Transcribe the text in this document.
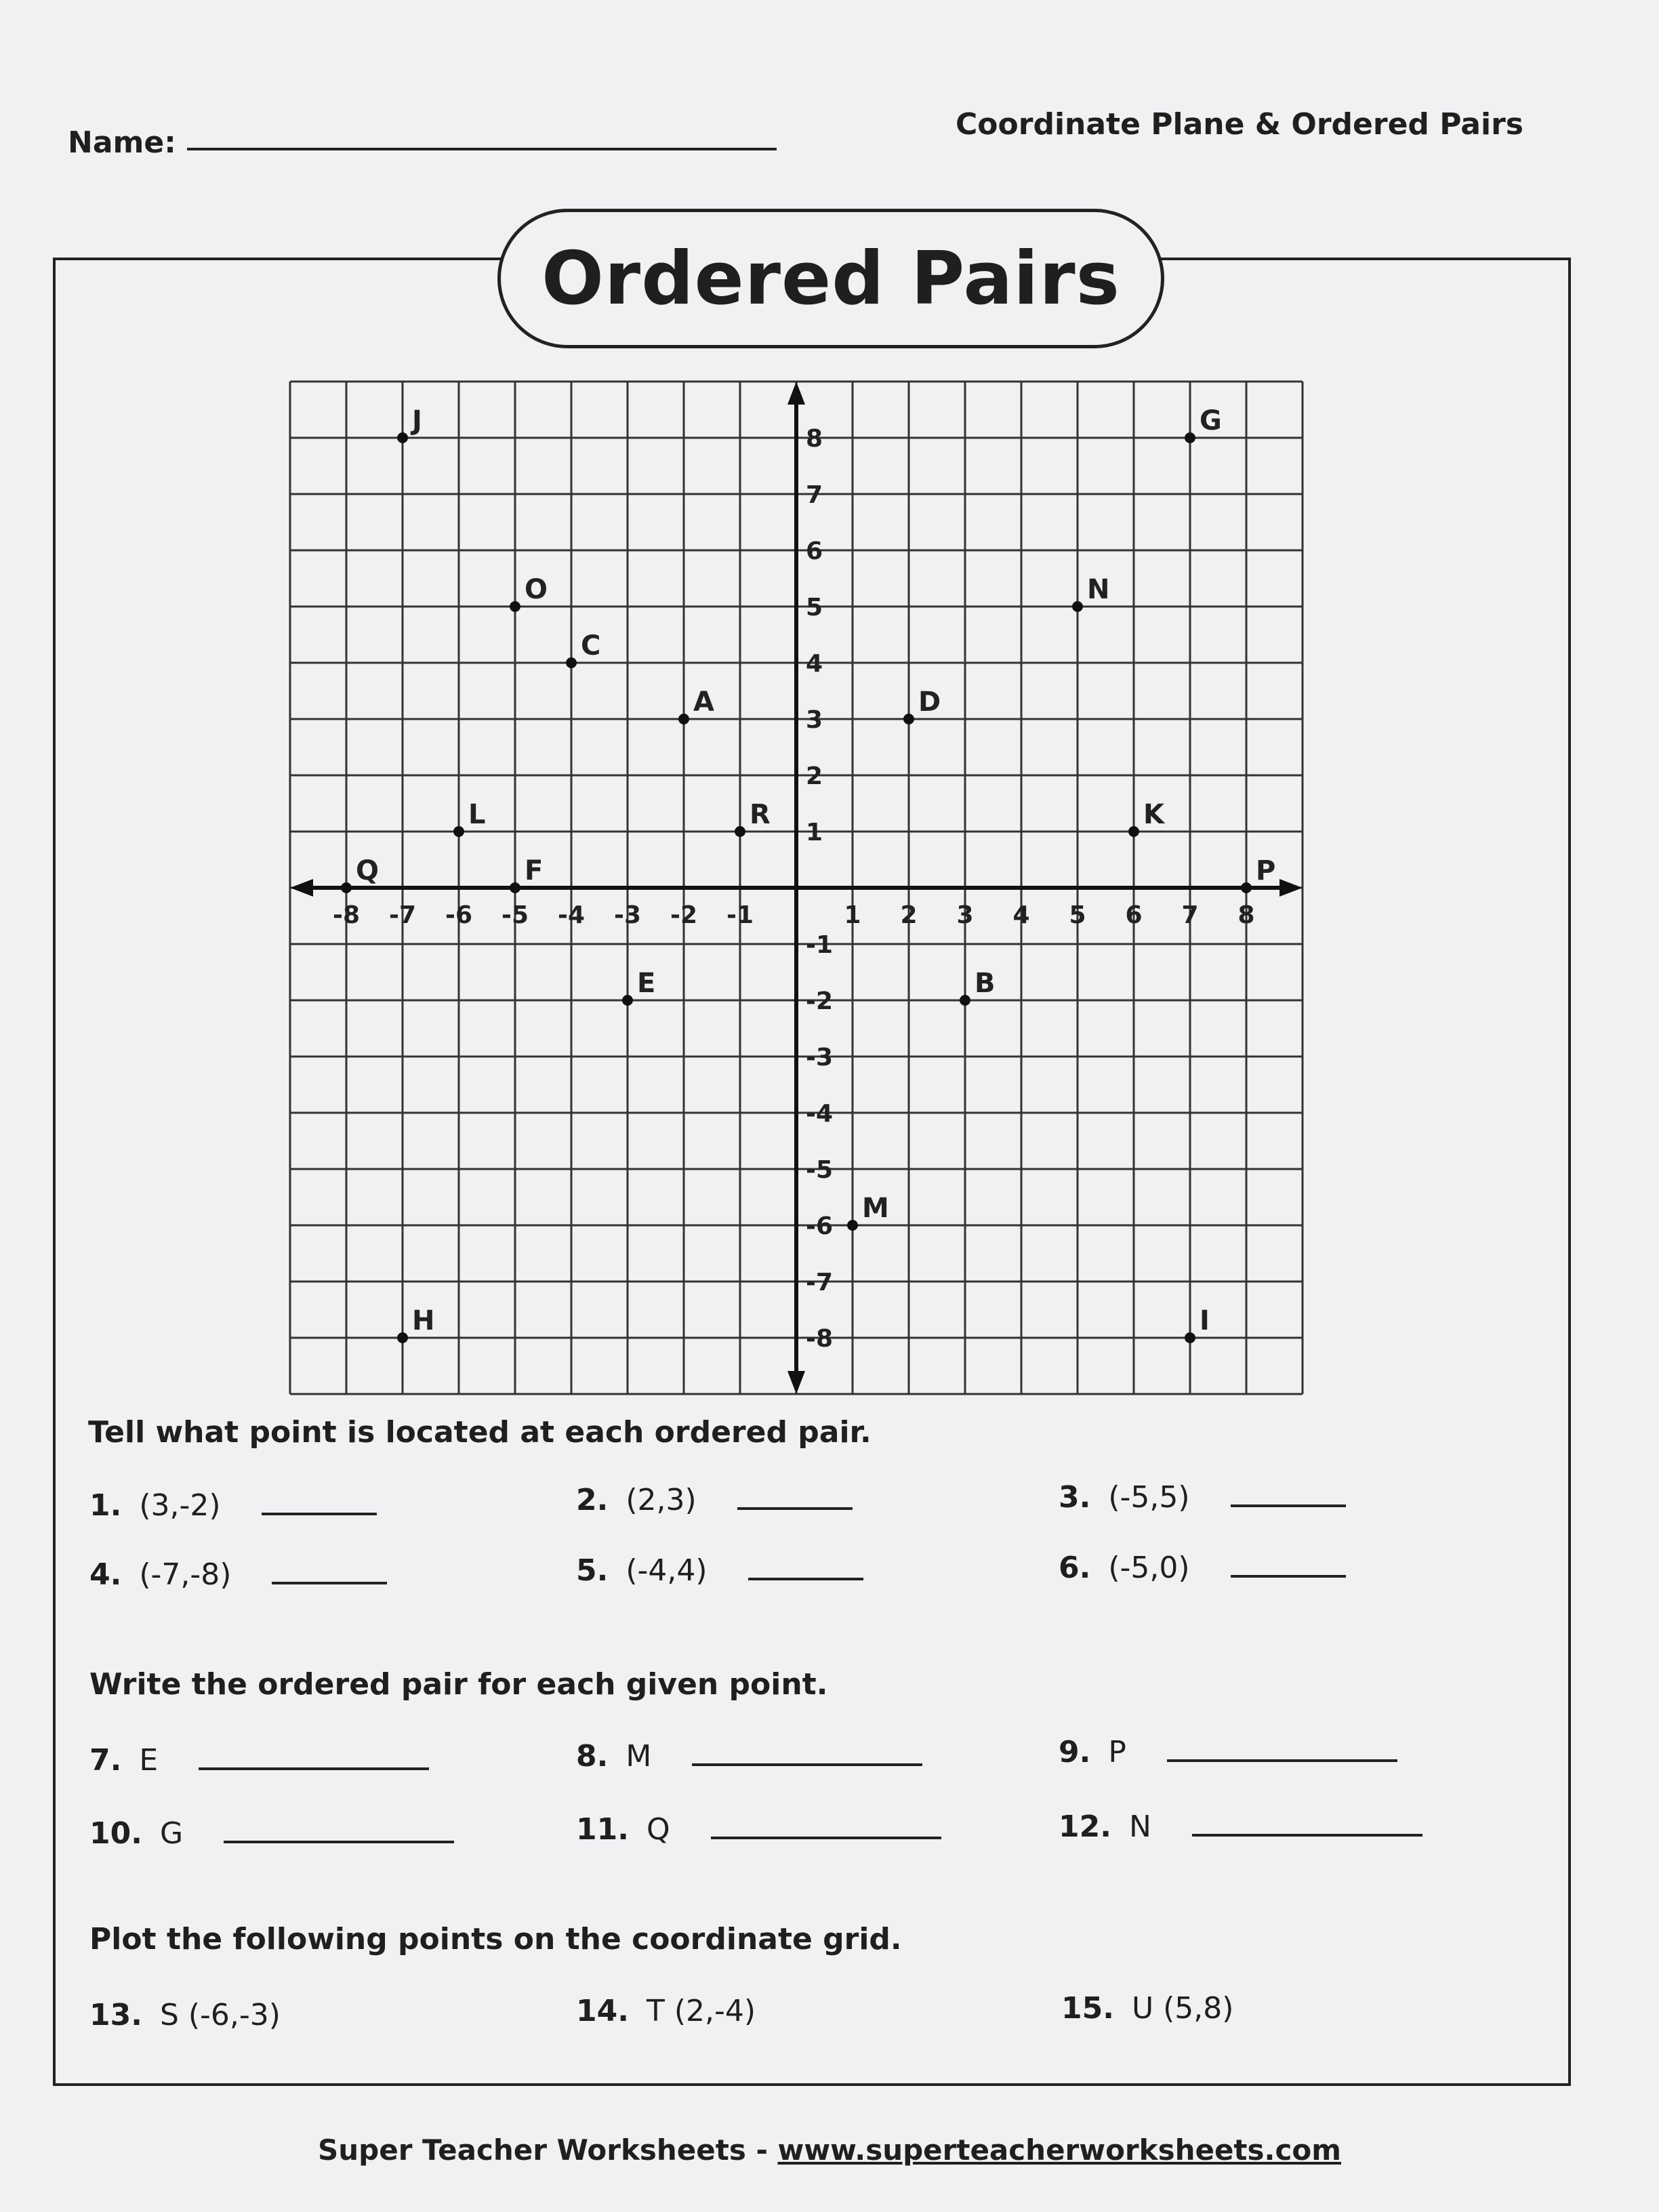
Name:
Coordinate Plane & Ordered Pairs
Ordered Pairs
-8 -7 -6 -5 -4 -3 -2 -1	1 2 3 4 5 6 7 8
8
7
6
5
4
3
2
1
-1
-2
-3
-4
-5
-6
-7
-8
J	G
O	N
C
A	D
L	R	K
Q	F	P
E	B
M
H	I
Tell what point is located at each ordered pair.
1. (3,-2)	2. (2,3)	3. (-5,5)
4. (-7,-8)	5. (-4,4)	6. (-5,0)
Write the ordered pair for each given point.
7. E	8. M	9. P
10. G	11. Q	12. N
Plot the following points on the coordinate grid.
13. S (-6,-3)	14. T (2,-4)	15. U (5,8)
Super Teacher Worksheets - www.superteacherworksheets.com
